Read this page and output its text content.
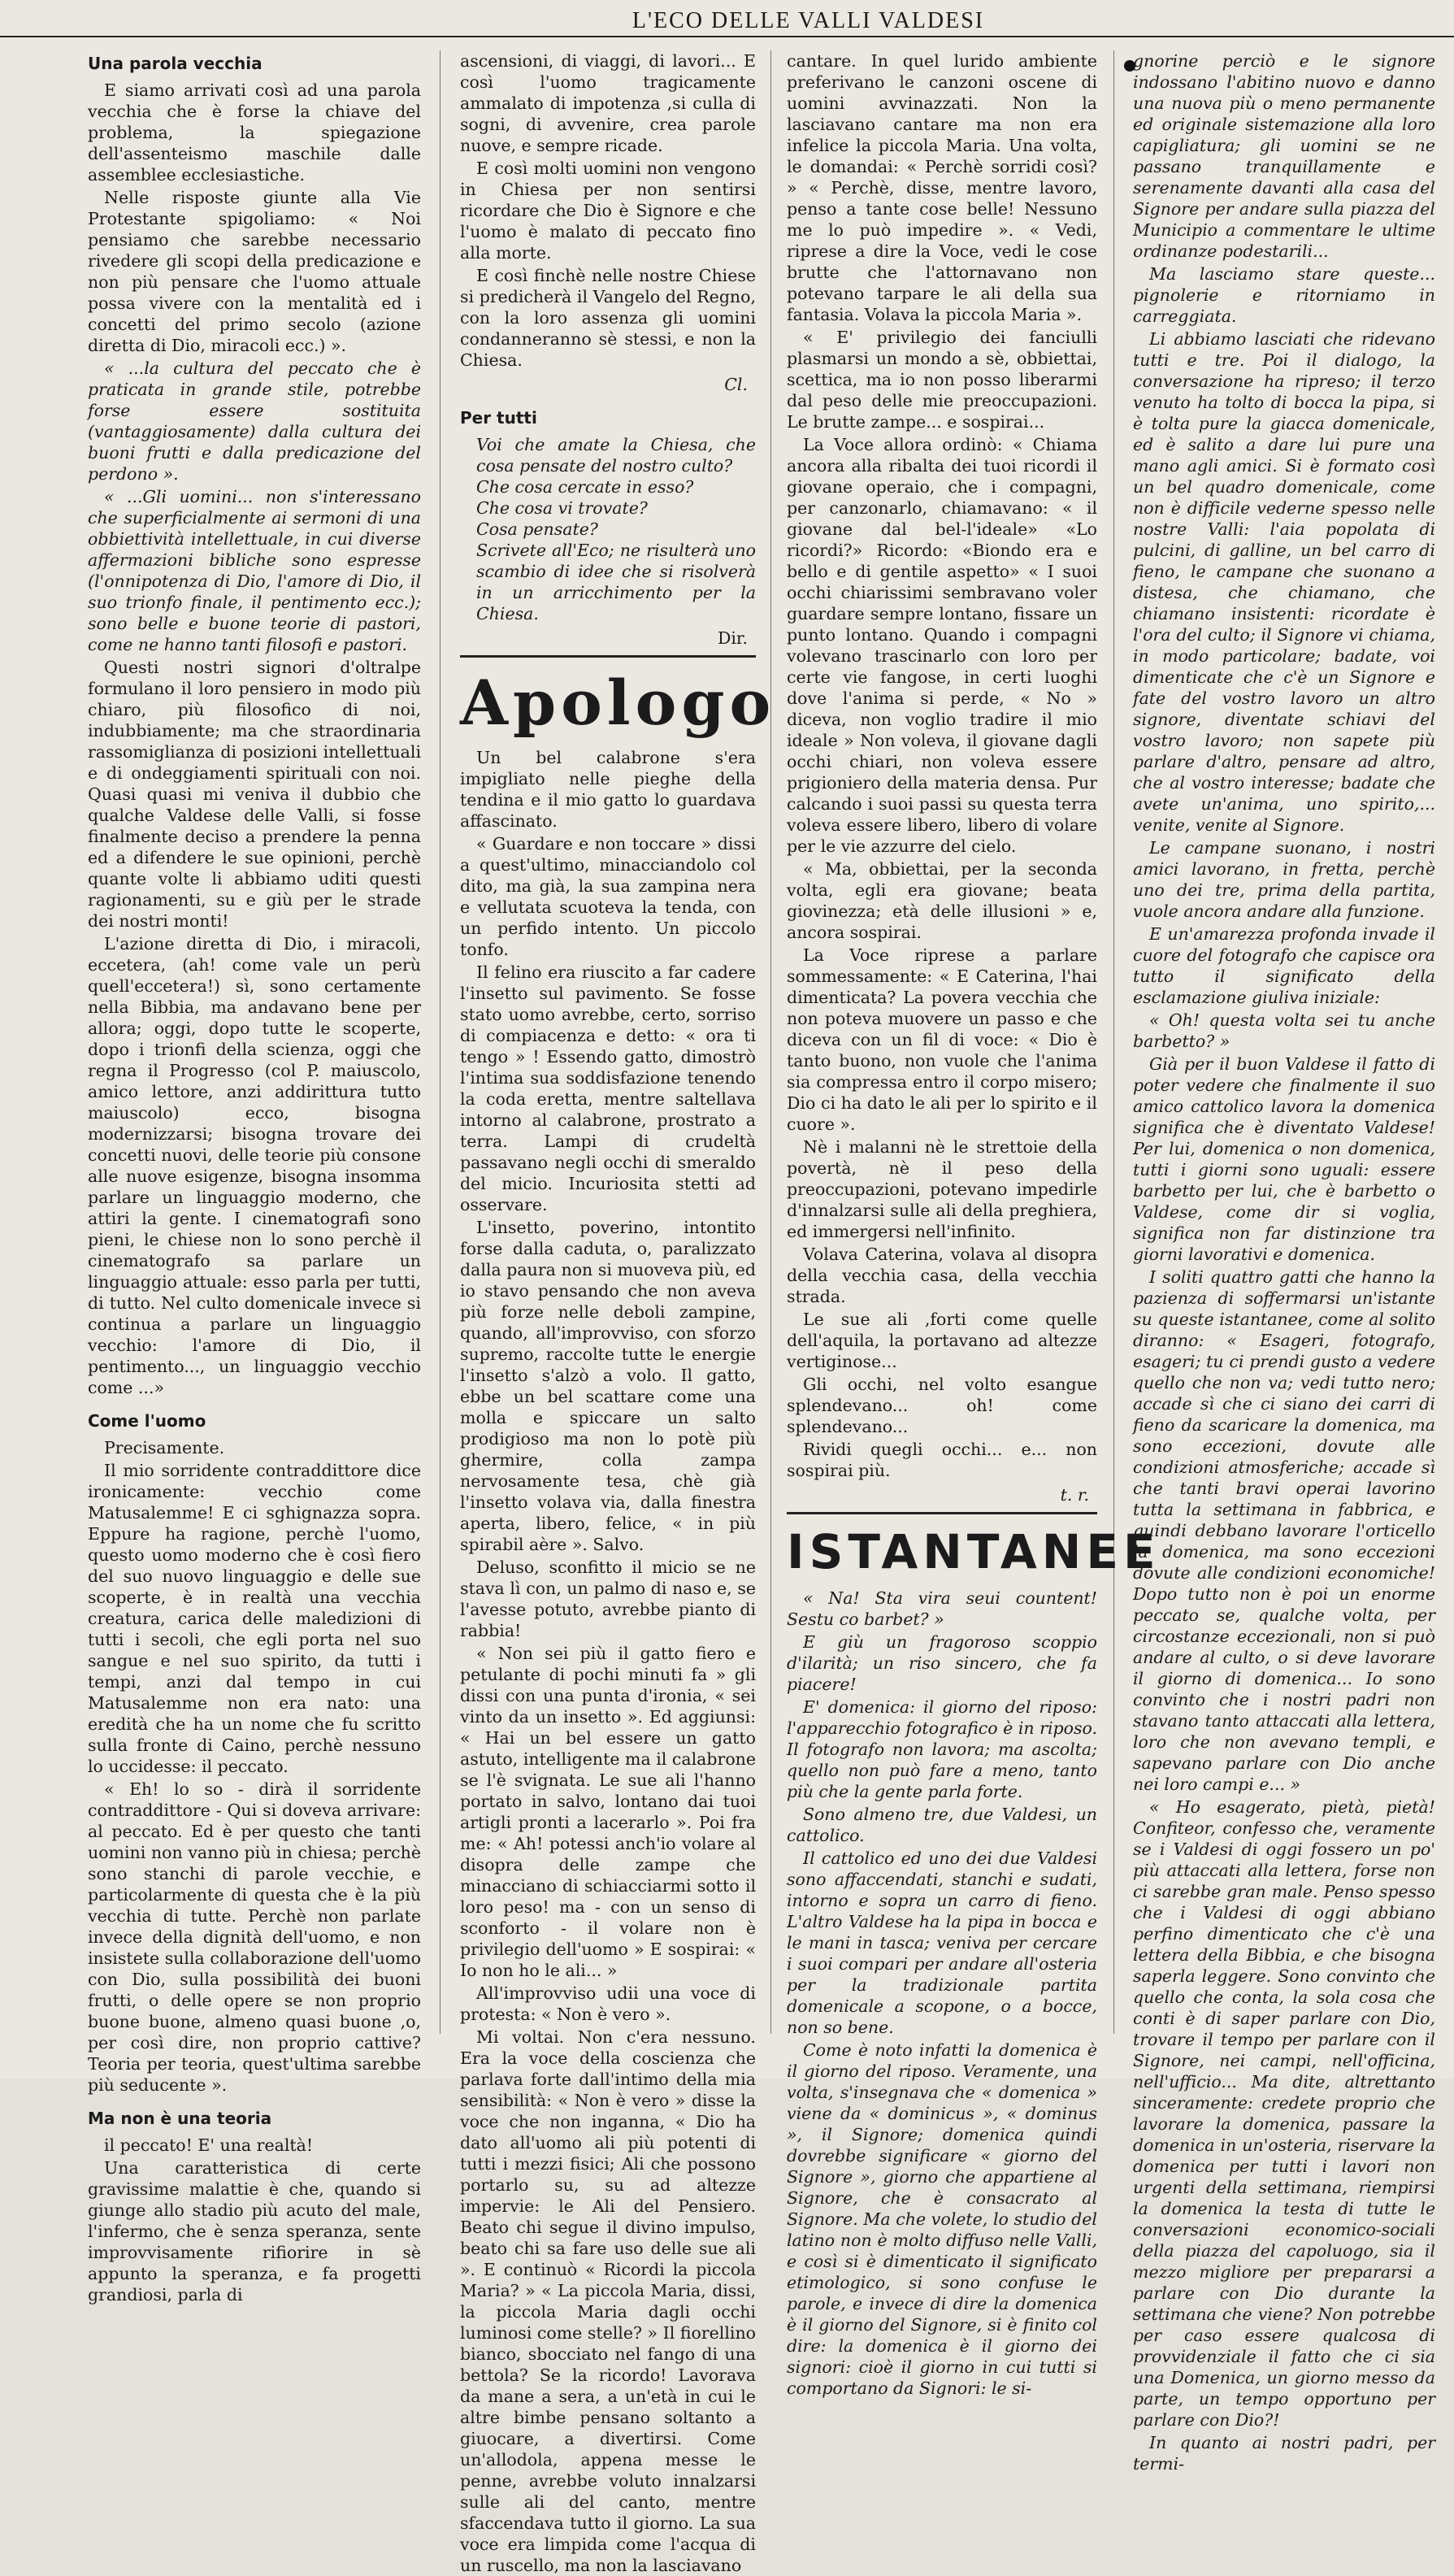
L'ECO DELLE VALLI VALDESI
Una parola vecchia

E siamo arrivati così ad una parola vecchia che è forse la chiave del problema, la spiegazione dell'assenteismo maschile dalle assemblee ecclesiastiche.

Nelle risposte giunte alla Vie Protestante spigoliamo: « Noi pensiamo che sarebbe necessario rivedere gli scopi della predicazione e non più pensare che l'uomo attuale possa vivere con la mentalità ed i concetti del primo secolo (azione diretta di Dio, miracoli ecc.) ».

« ...la cultura del peccato che è praticata in grande stile, potrebbe forse essere sostituita (vantaggiosamente) dalla cultura dei buoni frutti e dalla predicazione del perdono ».

« ...Gli uomini... non s'interessano che superficialmente ai sermoni di una obbiettività intellettuale, in cui diverse affermazioni bibliche sono espresse (l'onnipotenza di Dio, l'amore di Dio, il suo trionfo finale, il pentimento ecc.); sono belle e buone teorie di pastori, come ne hanno tanti filosofi e pastori.

Questi nostri signori d'oltralpe formulano il loro pensiero in modo più chiaro, più filosofico di noi, indubbiamente; ma che straordinaria rassomiglianza di posizioni intellettuali e di ondeggiamenti spirituali con noi. Quasi quasi mi veniva il dubbio che qualche Valdese delle Valli, si fosse finalmente deciso a prendere la penna ed a difendere le sue opinioni, perchè quante volte li abbiamo uditi questi ragionamenti, su e giù per le strade dei nostri monti!

L'azione diretta di Dio, i miracoli, eccetera, (ah! come vale un perù quell'eccetera!) sì, sono certamente nella Bibbia, ma andavano bene per allora; oggi, dopo tutte le scoperte, dopo i trionfi della scienza, oggi che regna il Progresso (col P. maiuscolo, amico lettore, anzi addirittura tutto maiuscolo) ecco, bisogna modernizzarsi; bisogna trovare dei concetti nuovi, delle teorie più consone alle nuove esigenze, bisogna insomma parlare un linguaggio moderno, che attiri la gente. I cinematografi sono pieni, le chiese non lo sono perchè il cinematografo sa parlare un linguaggio attuale: esso parla per tutti, di tutto. Nel culto domenicale invece si continua a parlare un linguaggio vecchio: l'amore di Dio, il pentimento..., un linguaggio vecchio come ...»

Come l'uomo

Precisamente.

Il mio sorridente contraddittore dice ironicamente: vecchio come Matusalemme! E ci sghignazza sopra. Eppure ha ragione, perchè l'uomo, questo uomo moderno che è così fiero del suo nuovo linguaggio e delle sue scoperte, è in realtà una vecchia creatura, carica delle maledizioni di tutti i secoli, che egli porta nel suo sangue e nel suo spirito, da tutti i tempi, anzi dal tempo in cui Matusalemme non era nato: una eredità che ha un nome che fu scritto sulla fronte di Caino, perchè nessuno lo uccidesse: il peccato.

« Eh! lo so - dirà il sorridente contraddittore - Qui si doveva arrivare: al peccato. Ed è per questo che tanti uomini non vanno più in chiesa; perchè sono stanchi di parole vecchie, e particolarmente di questa che è la più vecchia di tutte. Perchè non parlate invece della dignità dell'uomo, e non insistete sulla collaborazione dell'uomo con Dio, sulla possibilità dei buoni frutti, o delle opere se non proprio buone buone, almeno quasi buone ,o, per così dire, non proprio cattive? Teoria per teoria, quest'ultima sarebbe più seducente ».

Ma non è una teoria

il peccato! E' una realtà!

Una caratteristica di certe gravissime malattie è che, quando si giunge allo stadio più acuto del male, l'infermo, che è senza speranza, sente improvvisamente rifiorire in sè appunto la speranza, e fa progetti grandiosi, parla di

ascensioni, di viaggi, di lavori... E così l'uomo tragicamente ammalato di impotenza ,si culla di sogni, di avvenire, crea parole nuove, e sempre ricade.

E così molti uomini non vengono in Chiesa per non sentirsi ricordare che Dio è Signore e che l'uomo è malato di peccato fino alla morte.

E così finchè nelle nostre Chiese si predicherà il Vangelo del Regno, con la loro assenza gli uomini condanneranno sè stessi, e non la Chiesa.

Cl.
Per tutti

Voi che amate la Chiesa, che cosa pensate del nostro culto?

Che cosa cercate in esso?

Che cosa vi trovate?

Cosa pensate?

Scrivete all'Eco; ne risulterà uno scambio di idee che si risolverà in un arricchimento per la Chiesa.

Dir.
Apologo

Un bel calabrone s'era impigliato nelle pieghe della tendina e il mio gatto lo guardava affascinato.

« Guardare e non toccare » dissi a quest'ultimo, minacciandolo col dito, ma già, la sua zampina nera e vellutata scuoteva la tenda, con un perfido intento. Un piccolo tonfo.

Il felino era riuscito a far cadere l'insetto sul pavimento. Se fosse stato uomo avrebbe, certo, sorriso di compiacenza e detto: « ora ti tengo » ! Essendo gatto, dimostrò l'intima sua soddisfazione tenendo la coda eretta, mentre saltellava intorno al calabrone, prostrato a terra. Lampi di crudeltà passavano negli occhi di smeraldo del micio. Incuriosita stetti ad osservare.

L'insetto, poverino, intontito forse dalla caduta, o, paralizzato dalla paura non si muoveva più, ed io stavo pensando che non aveva più forze nelle deboli zampine, quando, all'improvviso, con sforzo supremo, raccolte tutte le energie l'insetto s'alzò a volo. Il gatto, ebbe un bel scattare come una molla e spiccare un salto prodigioso ma non lo potè più ghermire, colla zampa nervosamente tesa, chè già l'insetto volava via, dalla finestra aperta, libero, felice, « in più spirabil aère ». Salvo.

Deluso, sconfitto il micio se ne stava lì con, un palmo di naso e, se l'avesse potuto, avrebbe pianto di rabbia!

« Non sei più il gatto fiero e petulante di pochi minuti fa » gli dissi con una punta d'ironia, « sei vinto da un insetto ». Ed aggiunsi: « Hai un bel essere un gatto astuto, intelligente ma il calabrone se l'è svignata. Le sue ali l'hanno portato in salvo, lontano dai tuoi artigli pronti a lacerarlo ». Poi fra me: « Ah! potessi anch'io volare al disopra delle zampe che minacciano di schiacciarmi sotto il loro peso! ma - con un senso di sconforto - il volare non è privilegio dell'uomo » E sospirai: « Io non ho le ali... »

All'improvviso udii una voce di protesta: « Non è vero ».

Mi voltai. Non c'era nessuno. Era la voce della coscienza che parlava forte dall'intimo della mia sensibilità: « Non è vero » disse la voce che non inganna, « Dio ha dato all'uomo ali più potenti di tutti i mezzi fisici; Ali che possono portarlo su, su ad altezze impervie: le Ali del Pensiero. Beato chi segue il divino impulso, beato chi sa fare uso delle sue ali ». E continuò « Ricordi la piccola Maria? » « La piccola Maria, dissi, la piccola Maria dagli occhi luminosi come stelle? » Il fiorellino bianco, sbocciato nel fango di una bettola? Se la ricordo! Lavorava da mane a sera, a un'età in cui le altre bimbe pensano soltanto a giuocare, a divertirsi. Come un'allodola, appena messe le penne, avrebbe voluto innalzarsi sulle ali del canto, mentre sfaccendava tutto il giorno. La sua voce era limpida come l'acqua di un ruscello, ma non la lasciavano

cantare. In quel lurido ambiente preferivano le canzoni oscene di uomini avvinazzati. Non la lasciavano cantare ma non era infelice la piccola Maria. Una volta, le domandai: « Perchè sorridi così? » « Perchè, disse, mentre lavoro, penso a tante cose belle! Nessuno me lo può impedire ». « Vedi, riprese a dire la Voce, vedi le cose brutte che l'attornavano non potevano tarpare le ali della sua fantasia. Volava la piccola Maria ».

« E' privilegio dei fanciulli plasmarsi un mondo a sè, obbiettai, scettica, ma io non posso liberarmi dal peso delle mie preoccupazioni. Le brutte zampe... e sospirai...

La Voce allora ordinò: « Chiama ancora alla ribalta dei tuoi ricordi il giovane operaio, che i compagni, per canzonarlo, chiamavano: « il giovane dal bel-l'ideale» «Lo ricordi?» Ricordo: «Biondo era e bello e di gentile aspetto» « I suoi occhi chiarissimi sembravano voler guardare sempre lontano, fissare un punto lontano. Quando i compagni volevano trascinarlo con loro per certe vie fangose, in certi luoghi dove l'anima si perde, « No » diceva, non voglio tradire il mio ideale » Non voleva, il giovane dagli occhi chiari, non voleva essere prigioniero della materia densa. Pur calcando i suoi passi su questa terra voleva essere libero, libero di volare per le vie azzurre del cielo.

« Ma, obbiettai, per la seconda volta, egli era giovane; beata giovinezza; età delle illusioni » e, ancora sospirai.

La Voce riprese a parlare sommessamente: « E Caterina, l'hai dimenticata? La povera vecchia che non poteva muovere un passo e che diceva con un fil di voce: « Dio è tanto buono, non vuole che l'anima sia compressa entro il corpo misero; Dio ci ha dato le ali per lo spirito e il cuore ».

Nè i malanni nè le strettoie della povertà, nè il peso della preoccupazioni, potevano impedirle d'innalzarsi sulle ali della preghiera, ed immergersi nell'infinito.

Volava Caterina, volava al disopra della vecchia casa, della vecchia strada.

Le sue ali ,forti come quelle dell'aquila, la portavano ad altezze vertiginose...

Gli occhi, nel volto esangue splendevano... oh! come splendevano...

Rividi quegli occhi... e... non sospirai più.

t. r.
ISTANTANEE

« Na! Sta vira seui countent! Sestu co barbet? »

E giù un fragoroso scoppio d'ilarità; un riso sincero, che fa piacere!

E' domenica: il giorno del riposo: l'apparecchio fotografico è in riposo. Il fotografo non lavora; ma ascolta; quello non può fare a meno, tanto più che la gente parla forte.

Sono almeno tre, due Valdesi, un cattolico.

Il cattolico ed uno dei due Valdesi sono affaccendati, stanchi e sudati, intorno e sopra un carro di fieno. L'altro Valdese ha la pipa in bocca e le mani in tasca; veniva per cercare i suoi compari per andare all'osteria per la tradizionale partita domenicale a scopone, o a bocce, non so bene.

Come è noto infatti la domenica è il giorno del riposo. Veramente, una volta, s'insegnava che « domenica » viene da « dominicus », « dominus », il Signore; domenica quindi dovrebbe significare « giorno del Signore », giorno che appartiene al Signore, che è consacrato al Signore. Ma che volete, lo studio del latino non è molto diffuso nelle Valli, e così si è dimenticato il significato etimologico, si sono confuse le parole, e invece di dire la domenica è il giorno del Signore, si è finito col dire: la domenica è il giorno dei signori: cioè il giorno in cui tutti si comportano da Signori: le si-

gnorine perciò e le signore indossano l'abitino nuovo e danno una nuova più o meno permanente ed originale sistemazione alla loro capigliatura; gli uomini se ne passano tranquillamente e serenamente davanti alla casa del Signore per andare sulla piazza del Municipio a commentare le ultime ordinanze podestarili...

Ma lasciamo stare queste... pignolerie e ritorniamo in carreggiata.

Li abbiamo lasciati che ridevano tutti e tre. Poi il dialogo, la conversazione ha ripreso; il terzo venuto ha tolto di bocca la pipa, si è tolta pure la giacca domenicale, ed è salito a dare lui pure una mano agli amici. Si è formato così un bel quadro domenicale, come non è difficile vederne spesso nelle nostre Valli: l'aia popolata di pulcini, di galline, un bel carro di fieno, le campane che suonano a distesa, che chiamano, che chiamano insistenti: ricordate è l'ora del culto; il Signore vi chiama, in modo particolare; badate, voi dimenticate che c'è un Signore e fate del vostro lavoro un altro signore, diventate schiavi del vostro lavoro; non sapete più parlare d'altro, pensare ad altro, che al vostro interesse; badate che avete un'anima, uno spirito,... venite, venite al Signore.

Le campane suonano, i nostri amici lavorano, in fretta, perchè uno dei tre, prima della partita, vuole ancora andare alla funzione.

E un'amarezza profonda invade il cuore del fotografo che capisce ora tutto il significato della esclamazione giuliva iniziale:

« Oh! questa volta sei tu anche barbetto? »

Già per il buon Valdese il fatto di poter vedere che finalmente il suo amico cattolico lavora la domenica significa che è diventato Valdese! Per lui, domenica o non domenica, tutti i giorni sono uguali: essere barbetto per lui, che è barbetto o Valdese, come dir si voglia, significa non far distinzione tra giorni lavorativi e domenica.

I soliti quattro gatti che hanno la pazienza di soffermarsi un'istante su queste istantanee, come al solito diranno: « Esageri, fotografo, esageri; tu ci prendi gusto a vedere quello che non va; vedi tutto nero; accade sì che ci siano dei carri di fieno da scaricare la domenica, ma sono eccezioni, dovute alle condizioni atmosferiche; accade sì che tanti bravi operai lavorino tutta la settimana in fabbrica, e quindi debbano lavorare l'orticello la domenica, ma sono eccezioni dovute alle condizioni economiche! Dopo tutto non è poi un enorme peccato se, qualche volta, per circostanze eccezionali, non si può andare al culto, o si deve lavorare il giorno di domenica... Io sono convinto che i nostri padri non stavano tanto attaccati alla lettera, loro che non avevano templi, e sapevano parlare con Dio anche nei loro campi e... »

« Ho esagerato, pietà, pietà! Confiteor, confesso che, veramente se i Valdesi di oggi fossero un po' più attaccati alla lettera, forse non ci sarebbe gran male. Penso spesso che i Valdesi di oggi abbiano perfino dimenticato che c'è una lettera della Bibbia, e che bisogna saperla leggere. Sono convinto che quello che conta, la sola cosa che conti è di saper parlare con Dio, trovare il tempo per parlare con il Signore, nei campi, nell'officina, nell'ufficio... Ma dite, altrettanto sinceramente: credete proprio che lavorare la domenica, passare la domenica in un'osteria, riservare la domenica per tutti i lavori non urgenti della settimana, riempirsi la domenica la testa di tutte le conversazioni economico-sociali della piazza del capoluogo, sia il mezzo migliore per prepararsi a parlare con Dio durante la settimana che viene? Non potrebbe per caso essere qualcosa di provvidenziale il fatto che ci sia una Domenica, un giorno messo da parte, un tempo opportuno per parlare con Dio?!

In quanto ai nostri padri, per termi-
